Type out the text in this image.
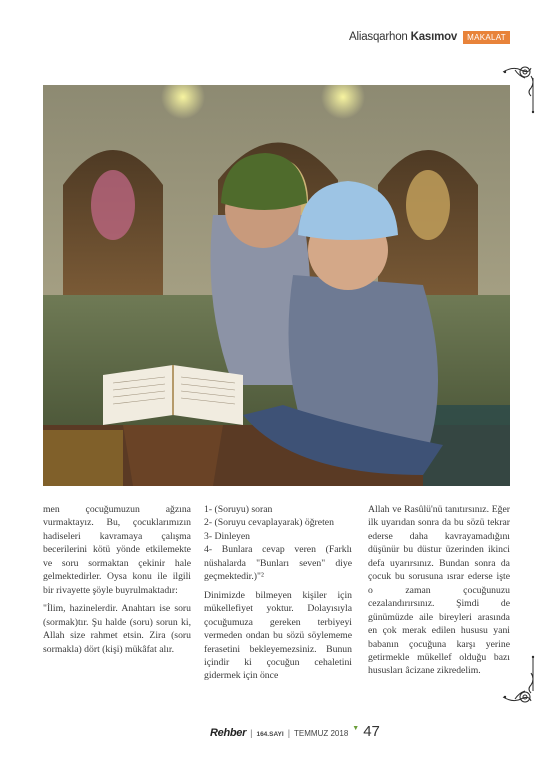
Aliasqarhon Kasımov	MAKALAT

men çocuğumuzun ağzına vurmaktayız. Bu, çocuklarımızın hadiseleri kavramaya çalışma becerilerini kötü yönde etkilemekte ve soru sormaktan çekinir hale gelmektedirler. Oysa konu ile ilgili bir rivayette şöyle buyrulmaktadır:

"İlim, hazinelerdir. Anahtarı ise soru (sormak)tır. Şu halde (soru) sorun ki, Allah size rahmet etsin. Zira (soru sormakla) dört (kişi) mükâfat alır.

1- (Soruyu) soran
2- (Soruyu cevaplayarak) öğreten
3- Dinleyen

4- Bunlara cevap veren (Farklı nüshalarda "Bunları seven" diye geçmektedir.)"²

Dinimizde bilmeyen kişiler için mükellefiyet yoktur. Dolayısıyla çocuğumuza gereken terbiyeyi vermeden ondan bu sözü söylememe ferasetini bekleyemezsiniz. Bunun içindir ki çocuğun cehaletini gidermek için önce

Allah ve Rasûlü'nü tanıtırsınız. Eğer ilk uyarıdan sonra da bu sözü tekrar ederse daha kavrayamadığını düşünür bu düstur üzerinden ikinci defa uyarırsınız. Bundan sonra da çocuk bu sorusuna ısrar ederse işte o zaman çocuğunuzu cezalandırırsınız. Şimdi de günümüzde aile bireyleri arasında en çok merak edilen hususu yani babanın çocuğuna karşı yerine getirmekle mükellef olduğu bazı hususları âcizane zikredelim.

Rehber | 164.SAYI | TEMMUZ 2018
▼ 47
